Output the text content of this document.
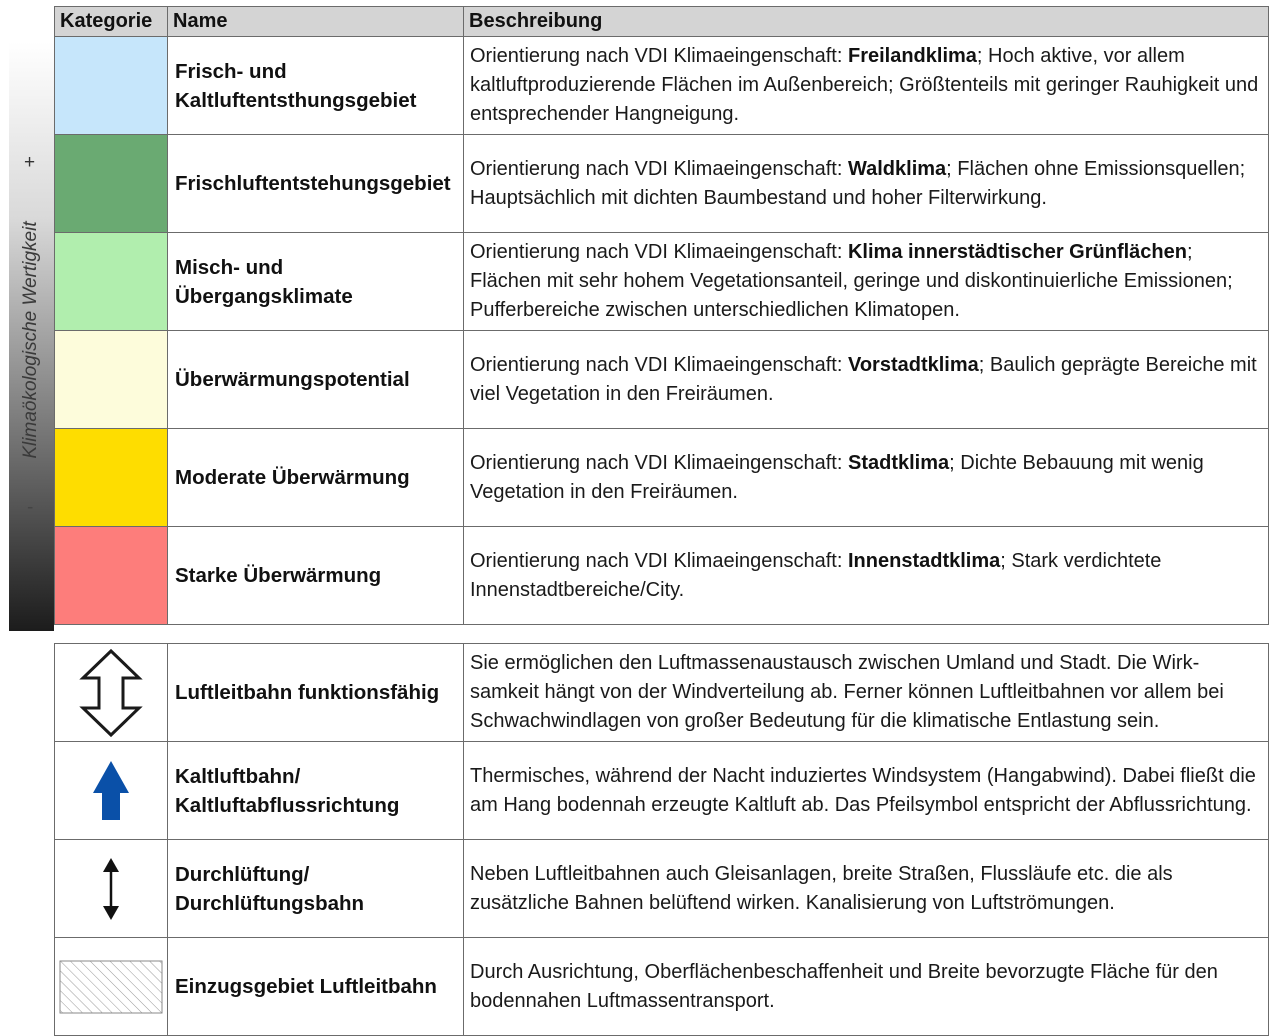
+
Klimaökologische Wertigkeit
-
Kategorie	Name	Beschreibung
	Frisch- und Kaltluftentsthungsgebiet	Orientierung nach VDI Klimaeingenschaft: Freilandklima; Hoch aktive, vor allem kaltluftproduzierende Flächen im Außenbereich; Größtenteils mit geringer Rauhigkeit und entsprechender Hangneigung.
	Frischluftentstehungsgebiet	Orientierung nach VDI Klimaeingenschaft: Waldklima; Flächen ohne Emissionsquellen; Hauptsächlich mit dichten Baumbestand und hoher Filterwirkung.
	Misch- und Übergangsklimate	Orientierung nach VDI Klimaeingenschaft: Klima innerstädtischer Grünflächen; Flächen mit sehr hohem Vegetationsanteil, geringe und diskontinuierliche Emissionen; Pufferbereiche zwischen unterschiedlichen Klimatopen.
	Überwärmungspotential	Orientierung nach VDI Klimaeingenschaft: Vorstadtklima; Baulich geprägte Bereiche mit viel Vegetation in den Freiräumen.
	Moderate Überwärmung	Orientierung nach VDI Klimaeingenschaft: Stadtklima; Dichte Bebauung mit wenig Vegetation in den Freiräumen.
	Starke Überwärmung	Orientierung nach VDI Klimaeingenschaft: Innenstadtklima; Stark verdichtete Innenstadtbereiche/City.
	Luftleitbahn funktionsfähig	Sie ermöglichen den Luftmassenaustausch zwischen Umland und Stadt. Die Wirk-samkeit hängt von der Windverteilung ab. Ferner können Luftleitbahnen vor allem bei Schwachwindlagen von großer Bedeutung für die klimatische Entlastung sein.

	Kaltluftbahn/ Kaltluftabflussrichtung	Thermisches, während der Nacht induziertes Windsystem (Hangabwind). Dabei fließt die am Hang bodennah erzeugte Kaltluft ab. Das Pfeilsymbol entspricht der Abflussrichtung.

	Durchlüftung/ Durchlüftungsbahn	Neben Luftleitbahnen auch Gleisanlagen, breite Straßen, Flussläufe etc. die als zusätzliche Bahnen belüftend wirken. Kanalisierung von Luftströmungen.

	Einzugsgebiet Luftleitbahn	Durch Ausrichtung, Oberflächenbeschaffenheit und Breite bevorzugte Fläche für den bodennahen Luftmassentransport.
